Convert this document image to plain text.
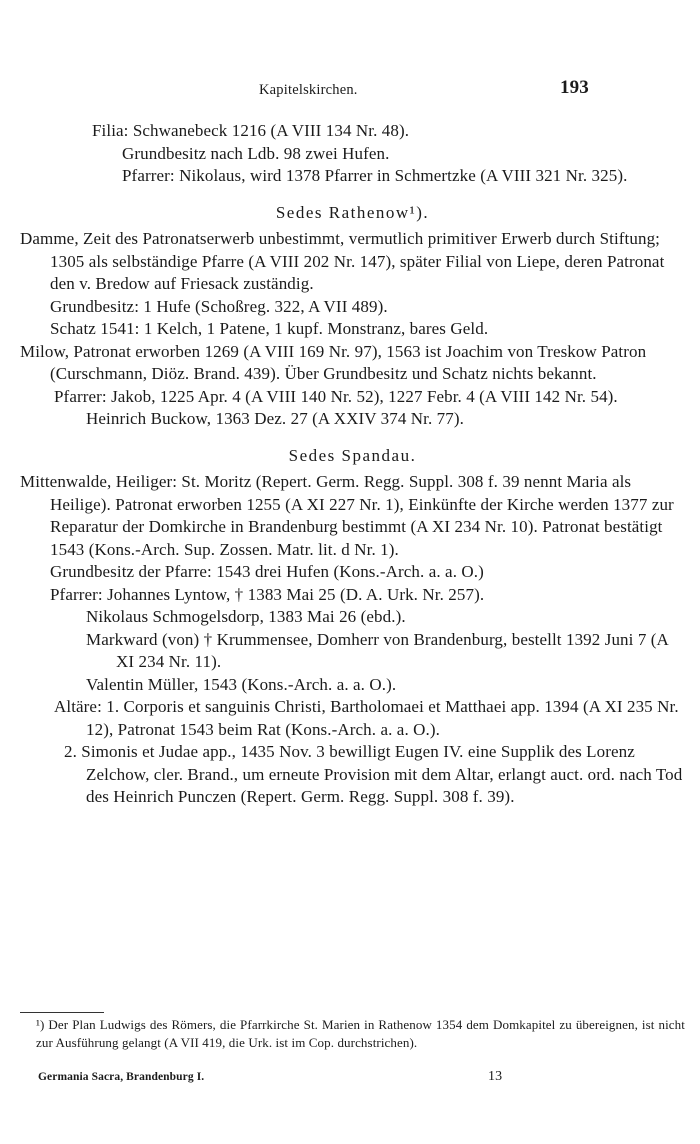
Kapitelskirchen.	193

Filia: Schwanebeck 1216 (A VIII 134 Nr. 48).

Grundbesitz nach Ldb. 98 zwei Hufen.

Pfarrer: Nikolaus, wird 1378 Pfarrer in Schmertzke (A VIII 321 Nr. 325).

Sedes Rathenow¹).

Damme, Zeit des Patronatserwerb unbestimmt, vermutlich primitiver Erwerb durch Stiftung; 1305 als selbständige Pfarre (A VIII 202 Nr. 147), später Filial von Liepe, deren Patronat den v. Bredow auf Friesack zuständig.

Grundbesitz: 1 Hufe (Schoßreg. 322, A VII 489).

Schatz 1541: 1 Kelch, 1 Patene, 1 kupf. Monstranz, bares Geld.

Milow, Patronat erworben 1269 (A VIII 169 Nr. 97), 1563 ist Joachim von Treskow Patron (Curschmann, Diöz. Brand. 439). Über Grundbesitz und Schatz nichts bekannt.

Pfarrer: Jakob, 1225 Apr. 4 (A VIII 140 Nr. 52), 1227 Febr. 4 (A VIII 142 Nr. 54).

Heinrich Buckow, 1363 Dez. 27 (A XXIV 374 Nr. 77).

Sedes Spandau.

Mittenwalde, Heiliger: St. Moritz (Repert. Germ. Regg. Suppl. 308 f. 39 nennt Maria als Heilige). Patronat erworben 1255 (A XI 227 Nr. 1), Einkünfte der Kirche werden 1377 zur Reparatur der Domkirche in Brandenburg bestimmt (A XI 234 Nr. 10). Patronat bestätigt 1543 (Kons.-Arch. Sup. Zossen. Matr. lit. d Nr. 1).

Grundbesitz der Pfarre: 1543 drei Hufen (Kons.-Arch. a. a. O.)

Pfarrer: Johannes Lyntow, † 1383 Mai 25 (D. A. Urk. Nr. 257).

Nikolaus Schmogelsdorp, 1383 Mai 26 (ebd.).

Markward (von) † Krummensee, Domherr von Brandenburg, bestellt 1392 Juni 7 (A XI 234 Nr. 11).

Valentin Müller, 1543 (Kons.-Arch. a. a. O.).

Altäre: 1. Corporis et sanguinis Christi, Bartholomaei et Matthaei app. 1394 (A XI 235 Nr. 12), Patronat 1543 beim Rat (Kons.-Arch. a. a. O.).

2. Simonis et Judae app., 1435 Nov. 3 bewilligt Eugen IV. eine Supplik des Lorenz Zelchow, cler. Brand., um erneute Provision mit dem Altar, erlangt auct. ord. nach Tod des Heinrich Punczen (Repert. Germ. Regg. Suppl. 308 f. 39).

¹) Der Plan Ludwigs des Römers, die Pfarrkirche St. Marien in Rathenow 1354 dem Domkapitel zu übereignen, ist nicht zur Ausführung gelangt (A VII 419, die Urk. ist im Cop. durchstrichen).

Germania Sacra, Brandenburg I.	13
